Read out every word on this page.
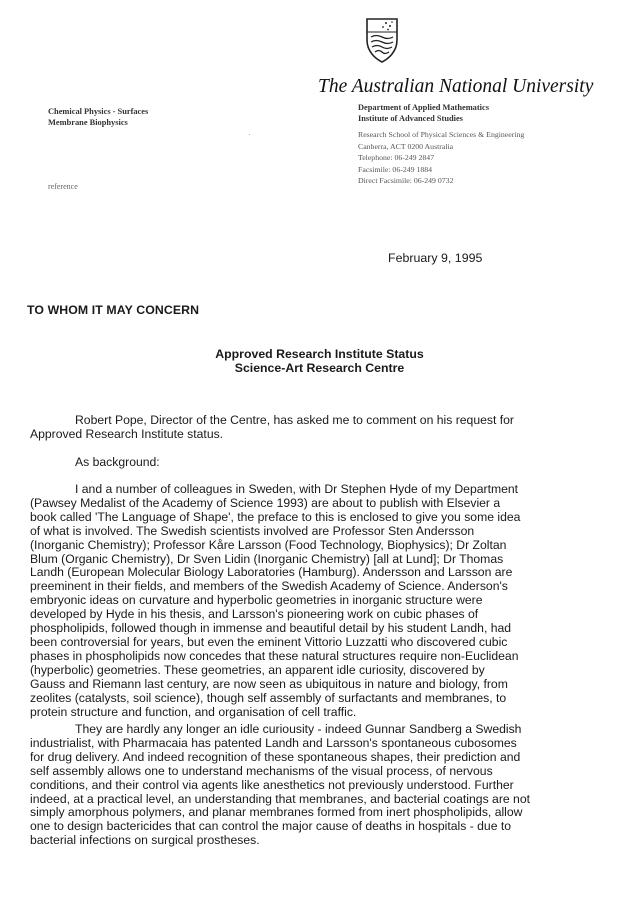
The Australian National University
Chemical Physics - Surfaces
Membrane Biophysics
Department of Applied Mathematics
Institute of Advanced Studies
Research School of Physical Sciences & Engineering
Canberra, ACT 0200 Australia
Telephone: 06-249 2847
Facsimile: 06-249 1884
Direct Facsimile: 06-249 0732
·
reference
February 9, 1995
TO WHOM IT MAY CONCERN
Approved Research Institute Status
Science-Art Research Centre
Robert Pope, Director of the Centre, has asked me to comment on his request for
Approved Research Institute status.
As background:
I and a number of colleagues in Sweden, with Dr Stephen Hyde of my Department
(Pawsey Medalist of the Academy of Science 1993) are about to publish with Elsevier a
book called 'The Language of Shape', the preface to this is enclosed to give you some idea
of what is involved. The Swedish scientists involved are Professor Sten Andersson
(Inorganic Chemistry); Professor Kåre Larsson (Food Technology, Biophysics); Dr Zoltan
Blum (Organic Chemistry), Dr Sven Lidin (Inorganic Chemistry) [all at Lund]; Dr Thomas
Landh (European Molecular Biology Laboratories (Hamburg). Andersson and Larsson are
preeminent in their fields, and members of the Swedish Academy of Science. Anderson's
embryonic ideas on curvature and hyperbolic geometries in inorganic structure were
developed by Hyde in his thesis, and Larsson's pioneering work on cubic phases of
phospholipids, followed though in immense and beautiful detail by his student Landh, had
been controversial for years, but even the eminent Vittorio Luzzatti who discovered cubic
phases in phospholipids now concedes that these natural structures require non-Euclidean
(hyperbolic) geometries. These geometries, an apparent idle curiosity, discovered by
Gauss and Riemann last century, are now seen as ubiquitous in nature and biology, from
zeolites (catalysts, soil science), though self assembly of surfactants and membranes, to
protein structure and function, and organisation of cell traffic.
They are hardly any longer an idle curiousity - indeed Gunnar Sandberg a Swedish
industrialist, with Pharmacaia has patented Landh and Larsson's spontaneous cubosomes
for drug delivery. And indeed recognition of these spontaneous shapes, their prediction and
self assembly allows one to understand mechanisms of the visual process, of nervous
conditions, and their control via agents like anesthetics not previously understood. Further
indeed, at a practical level, an understanding that membranes, and bacterial coatings are not
simply amorphous polymers, and planar membranes formed from inert phospholipids, allow
one to design bactericides that can control the major cause of deaths in hospitals - due to
bacterial infections on surgical prostheses.
